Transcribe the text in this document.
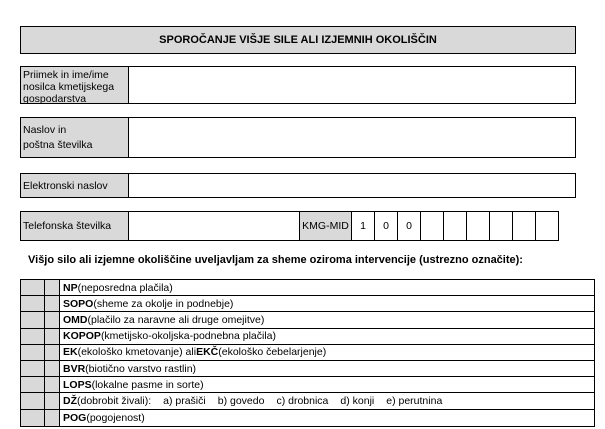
SPOROČANJE VIŠJE SILE ALI IZJEMNIH OKOLIŠČIN
Priimek in ime/ime
nosilca kmetijskega
gospodarstva
Naslov in
poštna številka
Elektronski naslov
Telefonska številka	KMG-MID	1	0	0
Višjo silo ali izjemne okoliščine uveljavljam za sheme oziroma intervencije (ustrezno označite):
NP (neposredna plačila)
SOPO (sheme za okolje in podnebje)
OMD (plačilo za naravne ali druge omejitve)
KOPOP (kmetijsko-okoljska-podnebna plačila)
EK (ekološko kmetovanje) ali EKČ (ekološko čebelarjenje)
BVR (biotično varstvo rastlin)
LOPS (lokalne pasme in sorte)
DŽ (dobrobit živali): a) prašiči b) govedo c) drobnica d) konji e) perutnina
POG (pogojenost)
